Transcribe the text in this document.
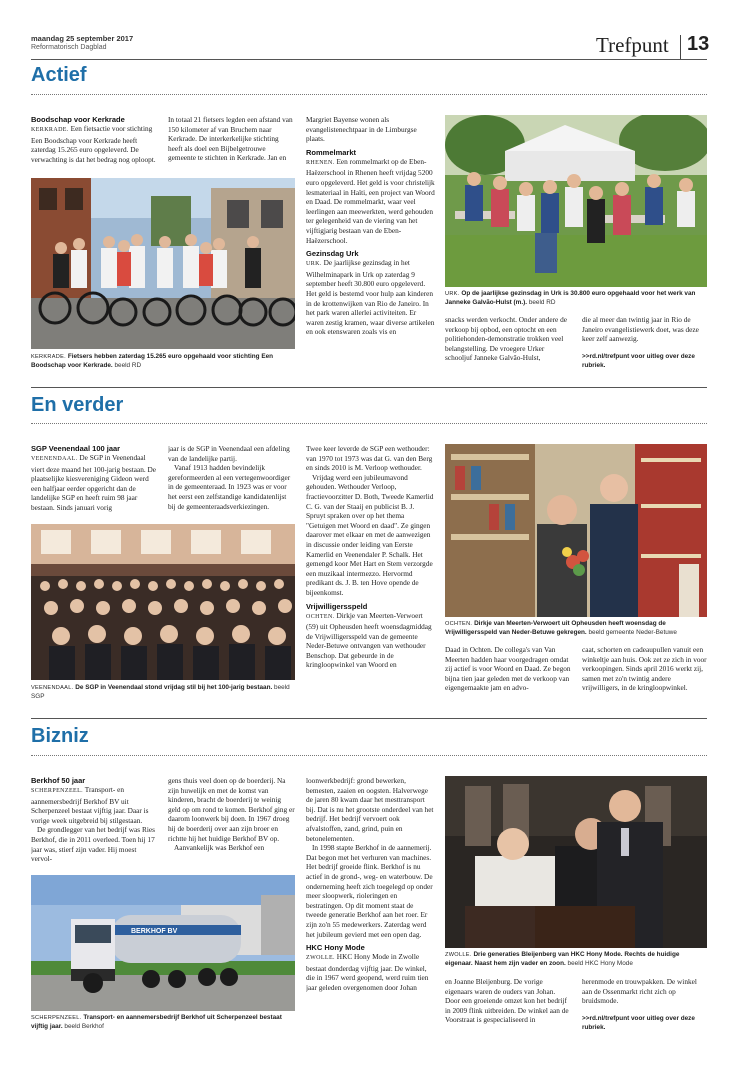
maandag 25 september 2017
Reformatorisch Dagblad	Trefpunt 13
Actief
Boodschap voor Kerkrade
KERKRADE. Een fietsactie voor stichting Een Boodschap voor Kerkrade heeft zaterdag 15.265 euro opgeleverd. De verwachting is dat het bedrag nog oploopt.
In totaal 21 fietsers legden een afstand van 150 kilometer af van Bruchem naar Kerkrade. De interkerkelijke stichting heeft als doel een Bijbelgetrouwe gemeente te stichten in Kerkrade. Jan en
KERKRADE. Fietsers hebben zaterdag 15.265 euro opgehaald voor stichting Een Boodschap voor Kerkrade. beeld RD
Margriet Bayense wonen als evangelistenechtpaar in de Limburgse plaats.
Rommelmarkt
RHENEN. Een rommelmarkt op de Eben-Haëzerschool in Rhenen heeft vrijdag 5200 euro opgeleverd. Het geld is voor christelijk lesmateriaal in Haïti, een project van Woord en Daad. De rommelmarkt, waar veel leerlingen aan meewerkten, werd gehouden ter gelegenheid van de viering van het vijftigjarig bestaan van de Eben-Haëzerschool.
Gezinsdag Urk
URK. De jaarlijkse gezinsdag in het Wilhelminapark in Urk op zaterdag 9 september heeft 30.800 euro opgeleverd. Het geld is bestemd voor hulp aan kinderen in de krottenwijken van Rio de Janeiro. In het park waren allerlei activiteiten. Er waren zestig kramen, waar diverse artikelen en ook etenswaren zoals vis en
URK. Op de jaarlijkse gezinsdag in Urk is 30.800 euro opgehaald voor het werk van Janneke Galvão-Hulst (m.). beeld RD
snacks werden verkocht. Onder andere de verkoop bij opbod, een optocht en een politiehonden-demonstratie trokken veel belangstelling. De vroegere Urker schooljuf Janneke Galvão-Hulst,
die al meer dan twintig jaar in Rio de Janeiro evangelistiewerk doet, was deze keer zelf aanwezig.
>>rd.nl/trefpunt voor uitleg over deze rubriek.
En verder
SGP Veenendaal 100 jaar
VEENENDAAL. De SGP in Veenendaal viert deze maand het 100-jarig bestaan. De plaatselijke kiesvereniging Gideon werd een halfjaar eerder opgericht dan de landelijke SGP en heeft ruim 98 jaar bestaan. Sinds januari vorig

jaar is de SGP in Veenendaal een afdeling van de landelijke partij.

Vanaf 1913 hadden bevindelijk gereformeerden al een vertegenwoordiger in de gemeenteraad. In 1923 was er voor het eerst een zelfstandige kandidatenlijst bij de gemeenteraadsverkiezingen.

VEENENDAAL. De SGP in Veenendaal stond vrijdag stil bij het 100-jarig bestaan. beeld SGP

Twee keer leverde de SGP een wethouder: van 1970 tot 1973 was dat G. van den Berg en sinds 2010 is M. Verloop wethouder.

Vrijdag werd een jubileumavond gehouden. Wethouder Verloop, fractievoorzitter D. Both, Tweede Kamerlid C. G. van der Staaij en publicist B. J. Spruyt spraken over op het thema "Getuigen met Woord en daad". Ze gingen daarover met elkaar en met de aanwezigen in discussie onder leiding van Eerste Kamerlid en Veenendaler P. Schalk. Het gemengd koor Met Hart en Stem verzorgde een muzikaal intermezzo. Hervormd predikant ds. J. B. ten Hove opende de bijeenkomst.

Vrijwilligersspeld
OCHTEN. Dirkje van Meerten-Verwoert (59) uit Opheusden heeft woensdagmiddag de Vrijwilligersspeld van de gemeente Neder-Betuwe ontvangen van wethouder Benschop. Dat gebeurde in de kringloopwinkel van Woord en
OCHTEN. Dirkje van Meerten-Verwoert uit Opheusden heeft woensdag de Vrijwilligersspeld van Neder-Betuwe gekregen. beeld gemeente Neder-Betuwe
Daad in Ochten. De collega's van Van Meerten hadden haar voorgedragen omdat zij actief is voor Woord en Daad. Ze begon bijna tien jaar geleden met de verkoop van eigengemaakte jam en advo-
caat, schorten en cadeaupullen vanuit een winkeltje aan huis. Ook zet ze zich in voor verkoopingen. Sinds april 2016 werkt zij, samen met zo'n twintig andere vrijwilligers, in de kringloopwinkel.
Bizniz
Berkhof 50 jaar
SCHERPENZEEL. Transport- en aannemersbedrijf Berkhof BV uit Scherpenzeel bestaat vijftig jaar. Daar is vorige week uitgebreid bij stilgestaan.

De grondlegger van het bedrijf was Ries Berkhof, die in 2011 overleed. Toen hij 17 jaar was, stierf zijn vader. Hij moest vervol-

gens thuis veel doen op de boerderij. Na zijn huwelijk en met de komst van kinderen, bracht de boerderij te weinig geld op om rond te komen. Berkhof ging er daarom loonwerk bij doen. In 1967 droeg hij de boerderij over aan zijn broer en richtte hij het huidige Berkhof BV op.

Aanvankelijk was Berkhof een

BERKHOF BV
SCHERPENZEEL. Transport- en aannemersbedrijf Berkhof uit Scherpenzeel bestaat vijftig jaar. beeld Berkhof

loonwerkbedrijf: grond bewerken, bemesten, zaaien en oogsten. Halverwege de jaren 80 kwam daar het mesttransport bij. Dat is nu het grootste onderdeel van het bedrijf. Het bedrijf vervoert ook afvalstoffen, zand, grind, puin en betonelementen.

In 1998 stapte Berkhof in de aannemerij. Dat begon met het verhuren van machines. Het bedrijf groeide flink. Berkhof is nu actief in de grond-, weg- en waterbouw. De onderneming heeft zich toegelegd op onder meer sloopwerk, rioleringen en bestratingen. Op dit moment staat de tweede generatie Berkhof aan het roer. Er zijn zo'n 55 medewerkers. Zaterdag werd het jubileum gevierd met een open dag.

HKC Hony Mode
ZWOLLE. HKC Hony Mode in Zwolle bestaat donderdag vijftig jaar. De winkel, die in 1967 werd geopend, werd ruim tien jaar geleden overgenomen door Johan
ZWOLLE. Drie generaties Bleijenberg van HKC Hony Mode. Rechts de huidige eigenaar. Naast hem zijn vader en zoon. beeld HKC Hony Mode
en Joanne Bleijenburg. De vorige eigenaars waren de ouders van Johan. Door een groeiende omzet kon het bedrijf in 2009 flink uitbreiden. De winkel aan de Voorstraat is gespecialiseerd in
herenmode en trouwpakken. De winkel aan de Ossenmarkt richt zich op bruidsmode.
>>rd.nl/trefpunt voor uitleg over deze rubriek.
